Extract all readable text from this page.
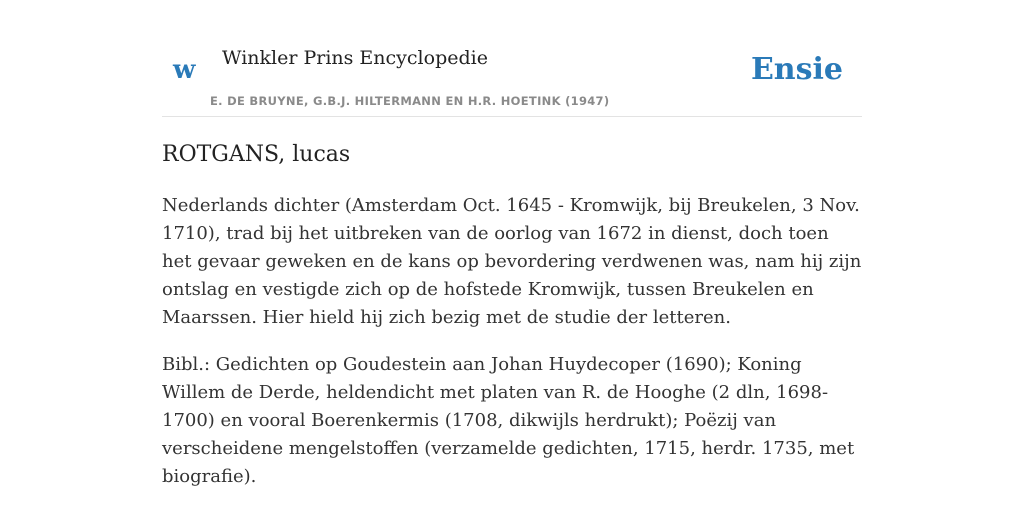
w Winkler Prins Encyclopedie
E. DE BRUYNE, G.B.J. HILTERMANN EN H.R. HOETINK (1947)
Ensie
ROTGANS, lucas

Nederlands dichter (Amsterdam Oct. 1645 - Kromwijk, bij Breukelen, 3 Nov. 1710), trad bij het uitbreken van de oorlog van 1672 in dienst, doch toen het gevaar geweken en de kans op bevordering verdwenen was, nam hij zijn ontslag en vestigde zich op de hofstede Kromwijk, tussen Breukelen en Maarssen. Hier hield hij zich bezig met de studie der letteren.

Bibl.: Gedichten op Goudestein aan Johan Huydecoper (1690); Koning Willem de Derde, heldendicht met platen van R. de Hooghe (2 dln, 1698-1700) en vooral Boerenkermis (1708, dikwijls herdrukt); Poëzij van verscheidene mengelstoffen (verzamelde gedichten, 1715, herdr. 1735, met biografie).
